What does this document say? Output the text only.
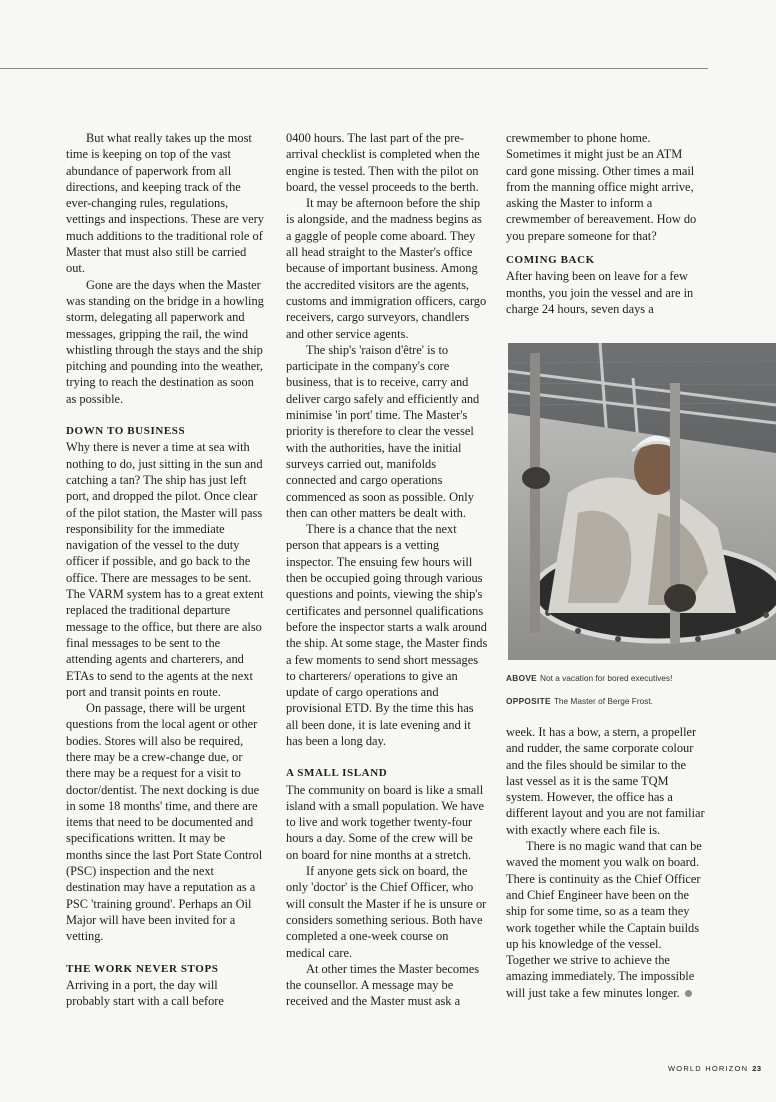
But what really takes up the most time is keeping on top of the vast abundance of paperwork from all directions, and keeping track of the ever-changing rules, regulations, vettings and inspections. These are very much additions to the traditional role of Master that must also still be carried out.

Gone are the days when the Master was standing on the bridge in a howling storm, delegating all paperwork and messages, gripping the rail, the wind whistling through the stays and the ship pitching and pounding into the weather, trying to reach the destination as soon as possible.

DOWN TO BUSINESS

Why there is never a time at sea with nothing to do, just sitting in the sun and catching a tan? The ship has just left port, and dropped the pilot. Once clear of the pilot station, the Master will pass responsibility for the immediate navigation of the vessel to the duty officer if possible, and go back to the office. There are messages to be sent. The VARM system has to a great extent replaced the traditional departure message to the office, but there are also final messages to be sent to the attending agents and charterers, and ETAs to send to the agents at the next port and transit points en route.

On passage, there will be urgent questions from the local agent or other bodies. Stores will also be required, there may be a crew-change due, or there may be a request for a visit to doctor/dentist. The next docking is due in some 18 months' time, and there are items that need to be documented and specifications written. It may be months since the last Port State Control (PSC) inspection and the next destination may have a reputation as a PSC 'training ground'. Perhaps an Oil Major will have been invited for a vetting.

THE WORK NEVER STOPS

Arriving in a port, the day will probably start with a call before

0400 hours. The last part of the pre-arrival checklist is completed when the engine is tested. Then with the pilot on board, the vessel proceeds to the berth.

It may be afternoon before the ship is alongside, and the madness begins as a gaggle of people come aboard. They all head straight to the Master's office because of important business. Among the accredited visitors are the agents, customs and immigration officers, cargo receivers, cargo surveyors, chandlers and other service agents.

The ship's 'raison d'être' is to participate in the company's core business, that is to receive, carry and deliver cargo safely and efficiently and minimise 'in port' time. The Master's priority is therefore to clear the vessel with the authorities, have the initial surveys carried out, manifolds connected and cargo operations commenced as soon as possible. Only then can other matters be dealt with.

There is a chance that the next person that appears is a vetting inspector. The ensuing few hours will then be occupied going through various questions and points, viewing the ship's certificates and personnel qualifications before the inspector starts a walk around the ship. At some stage, the Master finds a few moments to send short messages to charterers/ operations to give an update of cargo operations and provisional ETD. By the time this has all been done, it is late evening and it has been a long day.

A SMALL ISLAND

The community on board is like a small island with a small population. We have to live and work together twenty-four hours a day. Some of the crew will be on board for nine months at a stretch.

If anyone gets sick on board, the only 'doctor' is the Chief Officer, who will consult the Master if he is unsure or considers something serious. Both have completed a one-week course on medical care.

At other times the Master becomes the counsellor. A message may be received and the Master must ask a

crewmember to phone home. Sometimes it might just be an ATM card gone missing. Other times a mail from the manning office might arrive, asking the Master to inform a crewmember of bereavement. How do you prepare someone for that?

COMING BACK

After having been on leave for a few months, you join the vessel and are in charge 24 hours, seven days a

ABOVE Not a vacation for bored executives!
OPPOSITE The Master of Berge Frost.

week. It has a bow, a stern, a propeller and rudder, the same corporate colour and the files should be similar to the last vessel as it is the same TQM system. However, the office has a different layout and you are not familiar with exactly where each file is.

There is no magic wand that can be waved the moment you walk on board. There is continuity as the Chief Officer and Chief Engineer have been on the ship for some time, so as a team they work together while the Captain builds up his knowledge of the vessel. Together we strive to achieve the amazing immediately. The impossible will just take a few minutes longer.

WORLD HORIZON 23
